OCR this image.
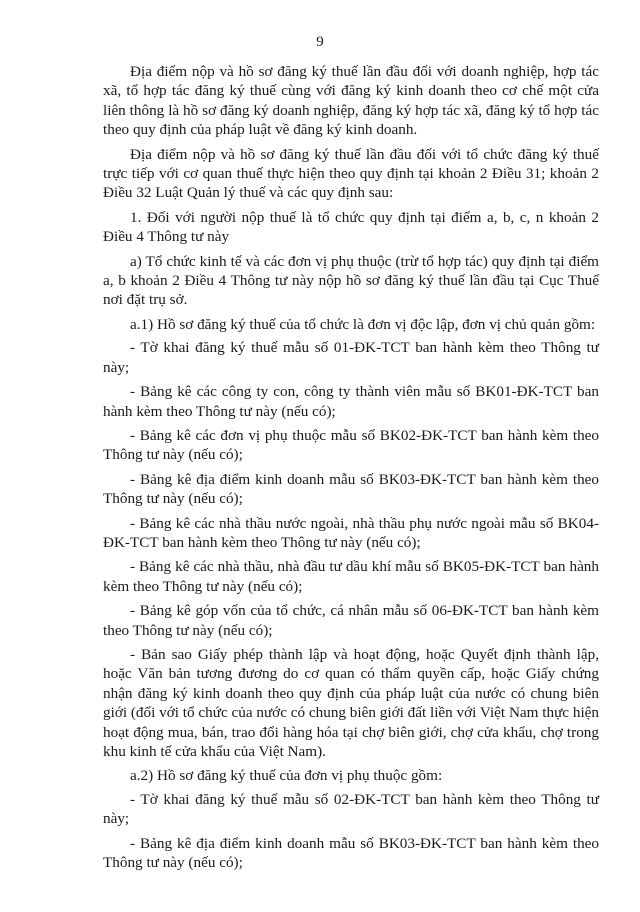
9

Địa điểm nộp và hồ sơ đăng ký thuế lần đầu đối với doanh nghiệp, hợp tác xã, tổ hợp tác đăng ký thuế cùng với đăng ký kinh doanh theo cơ chế một cửa liên thông là hồ sơ đăng ký doanh nghiệp, đăng ký hợp tác xã, đăng ký tổ hợp tác theo quy định của pháp luật về đăng ký kinh doanh.

Địa điểm nộp và hồ sơ đăng ký thuế lần đầu đối với tổ chức đăng ký thuế trực tiếp với cơ quan thuế thực hiện theo quy định tại khoản 2 Điều 31; khoản 2 Điều 32 Luật Quản lý thuế và các quy định sau:

1. Đối với người nộp thuế là tổ chức quy định tại điểm a, b, c, n khoản 2 Điều 4 Thông tư này

a) Tổ chức kinh tế và các đơn vị phụ thuộc (trừ tổ hợp tác) quy định tại điểm a, b khoản 2 Điều 4 Thông tư này nộp hồ sơ đăng ký thuế lần đầu tại Cục Thuế nơi đặt trụ sở.

a.1) Hồ sơ đăng ký thuế của tổ chức là đơn vị độc lập, đơn vị chủ quản gồm:

- Tờ khai đăng ký thuế mẫu số 01-ĐK-TCT ban hành kèm theo Thông tư này;

- Bảng kê các công ty con, công ty thành viên mẫu số BK01-ĐK-TCT ban hành kèm theo Thông tư này (nếu có);

- Bảng kê các đơn vị phụ thuộc mẫu số BK02-ĐK-TCT ban hành kèm theo Thông tư này (nếu có);

- Bảng kê địa điểm kinh doanh mẫu số BK03-ĐK-TCT ban hành kèm theo Thông tư này (nếu có);

- Bảng kê các nhà thầu nước ngoài, nhà thầu phụ nước ngoài mẫu số BK04-ĐK-TCT ban hành kèm theo Thông tư này (nếu có);

- Bảng kê các nhà thầu, nhà đầu tư dầu khí mẫu số BK05-ĐK-TCT ban hành kèm theo Thông tư này (nếu có);

- Bảng kê góp vốn của tổ chức, cá nhân mẫu số 06-ĐK-TCT ban hành kèm theo Thông tư này (nếu có);

- Bản sao Giấy phép thành lập và hoạt động, hoặc Quyết định thành lập, hoặc Văn bản tương đương do cơ quan có thẩm quyền cấp, hoặc Giấy chứng nhận đăng ký kinh doanh theo quy định của pháp luật của nước có chung biên giới (đối với tổ chức của nước có chung biên giới đất liền với Việt Nam thực hiện hoạt động mua, bán, trao đổi hàng hóa tại chợ biên giới, chợ cửa khẩu, chợ trong khu kinh tế cửa khẩu của Việt Nam).

a.2) Hồ sơ đăng ký thuế của đơn vị phụ thuộc gồm:

- Tờ khai đăng ký thuế mẫu số 02-ĐK-TCT ban hành kèm theo Thông tư này;

- Bảng kê địa điểm kinh doanh mẫu số BK03-ĐK-TCT ban hành kèm theo Thông tư này (nếu có);
